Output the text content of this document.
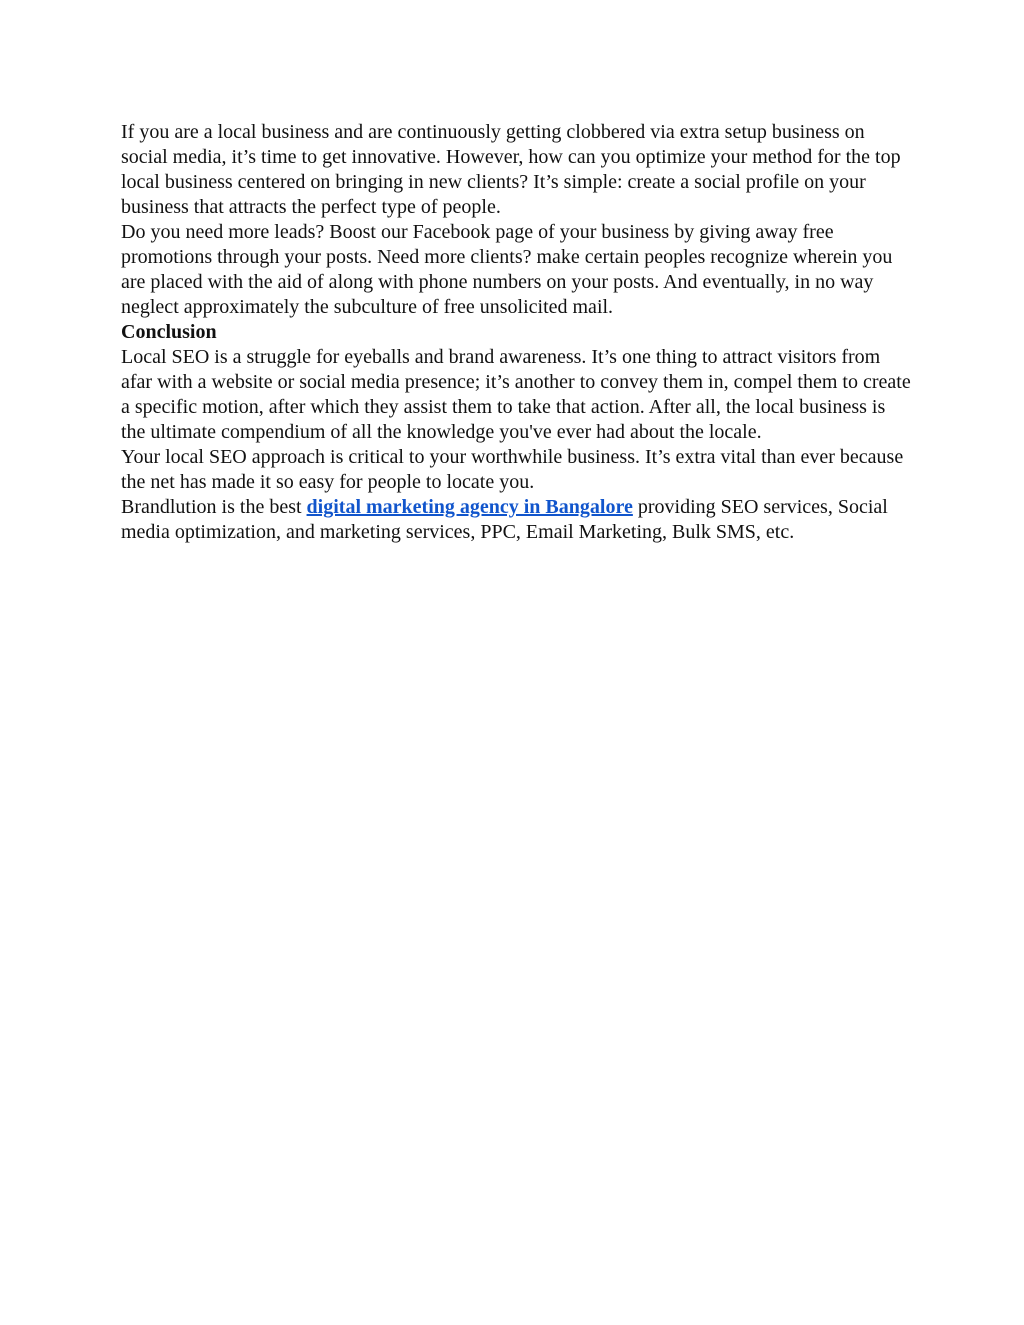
If you are a local business and are continuously getting clobbered via extra setup business on social media, it’s time to get innovative. However, how can you optimize your method for the top local business centered on bringing in new clients? It’s simple: create a social profile on your business that attracts the perfect type of people.

Do you need more leads? Boost our Facebook page of your business by giving away free promotions through your posts. Need more clients? make certain peoples recognize wherein you are placed with the aid of along with phone numbers on your posts. And eventually, in no way neglect approximately the subculture of free unsolicited mail.

Conclusion

Local SEO is a struggle for eyeballs and brand awareness. It’s one thing to attract visitors from afar with a website or social media presence; it’s another to convey them in, compel them to create a specific motion, after which they assist them to take that action. After all, the local business is the ultimate compendium of all the knowledge you've ever had about the locale.

Your local SEO approach is critical to your worthwhile business. It’s extra vital than ever because the net has made it so easy for people to locate you.

Brandlution is the best digital marketing agency in Bangalore providing SEO services, Social media optimization, and marketing services, PPC, Email Marketing, Bulk SMS, etc.
